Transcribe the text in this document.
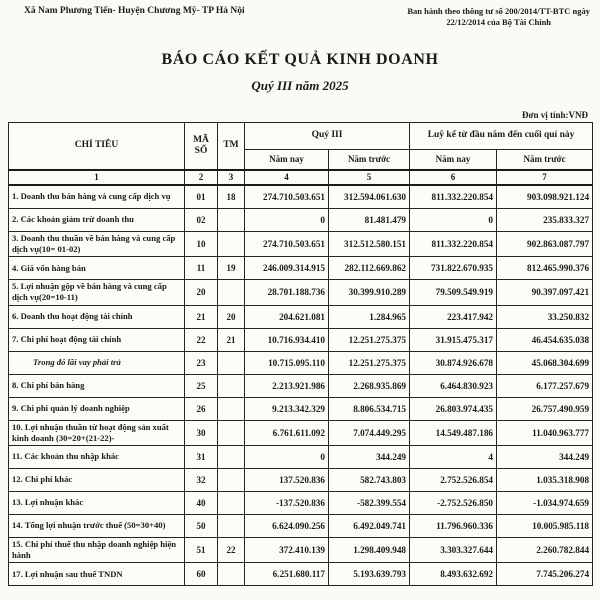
Xã Nam Phương Tiến- Huyện Chương Mỹ- TP Hà Nội	Ban hành theo thông tư số 200/2014/TT-BTC ngày
22/12/2014 của Bộ Tài Chính
BÁO CÁO KẾT QUẢ KINH DOANH
Quý III năm 2025
Đơn vị tính:VNĐ
CHỈ TIÊU	MÃ SỐ	TM	Quý III		Luỹ kế từ đầu năm đến cuối quí này	
			Năm nay	Năm trước	Năm nay	Năm trước
1	2	3	4	5	6	7
1. Doanh thu bán hàng và cung cấp dịch vụ	01	18	274.710.503.651	312.594.061.630	811.332.220.854	903.098.921.124
2. Các khoản giảm trừ doanh thu	02		0	81.481.479	0	235.833.327
3. Doanh thu thuần về bán hàng và cung cấp dịch vụ(10= 01-02)	10		274.710.503.651	312.512.580.151	811.332.220.854	902.863.087.797
4. Giá vốn hàng bán	11	19	246.009.314.915	282.112.669.862	731.822.670.935	812.465.990.376
5. Lợi nhuận gộp về bán hàng và cung cấp dịch vụ(20=10-11)	20		28.701.188.736	30.399.910.289	79.509.549.919	90.397.097.421
6. Doanh thu hoạt động tài chính	21	20	204.621.081	1.284.965	223.417.942	33.250.832
7. Chi phí hoạt động tài chính	22	21	10.716.934.410	12.251.275.375	31.915.475.317	46.454.635.038
Trong đó lãi vay phải trả	23		10.715.095.110	12.251.275.375	30.874.926.678	45.068.304.699
8. Chi phí bán hàng	25		2.213.921.986	2.268.935.869	6.464.830.923	6.177.257.679
9. Chi phí quản lý doanh nghiệp	26		9.213.342.329	8.806.534.715	26.803.974.435	26.757.490.959
10. Lợi nhuận thuần từ hoạt động sản xuất kinh doanh (30=20+(21-22)-	30		6.761.611.092	7.074.449.295	14.549.487.186	11.040.963.777
11. Các khoản thu nhập khác	31		0	344.249	4	344.249
12. Chi phí khác	32		137.520.836	582.743.803	2.752.526.854	1.035.318.908
13. Lợi nhuận khác	40		-137.520.836	-582.399.554	-2.752.526.850	-1.034.974.659
14. Tổng lợi nhuận trước thuế (50=30+40)	50		6.624.090.256	6.492.049.741	11.796.960.336	10.005.985.118
15. Chi phí thuế thu nhập doanh nghiệp hiện hành	51	22	372.410.139	1.298.409.948	3.303.327.644	2.260.782.844
17. Lợi nhuận sau thuế TNDN	60		6.251.680.117	5.193.639.793	8.493.632.692	7.745.206.274
